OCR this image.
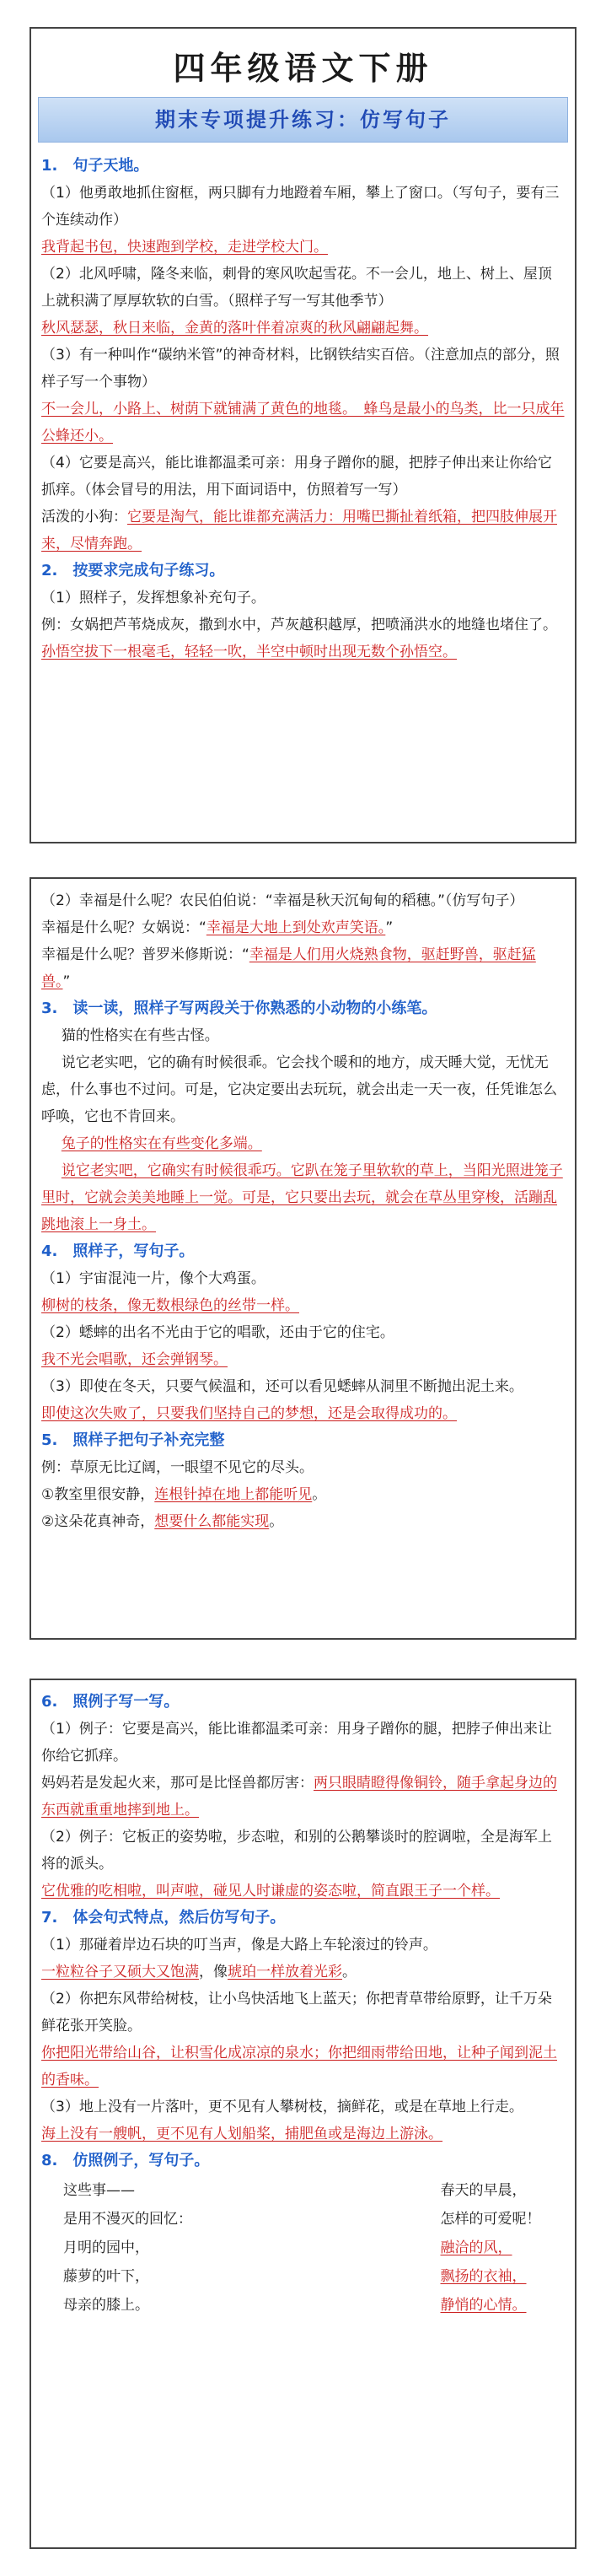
四年级语文下册
期末专项提升练习：仿写句子
1.　句子天地。
（1）他勇敢地抓住窗框，两只脚有力地蹬着车厢，攀上了窗口。（写句子，要有三个连续动作）
我背起书包，快速跑到学校，走进学校大门。
（2）北风呼啸，隆冬来临，刺骨的寒风吹起雪花。不一会儿，地上、树上、屋顶上就积满了厚厚软软的白雪。（照样子写一写其他季节）
秋风瑟瑟，秋日来临，金黄的落叶伴着凉爽的秋风翩翩起舞。
（3）有一种叫作“碳纳米管”的神奇材料，比钢铁结实百倍。（注意加点的部分，照样子写一个事物）
不一会儿，小路上、树荫下就铺满了黄色的地毯。　蜂鸟是最小的鸟类，比一只成年公蜂还小。
（4）它要是高兴，能比谁都温柔可亲：用身子蹭你的腿，把脖子伸出来让你给它抓痒。（体会冒号的用法，用下面词语中，仿照着写一写）
活泼的小狗：它要是淘气，能比谁都充满活力：用嘴巴撕扯着纸箱，把四肢伸展开来，尽情奔跑。
2.　按要求完成句子练习。
（1）照样子，发挥想象补充句子。
例：女娲把芦苇烧成灰，撒到水中，芦灰越积越厚，把喷涌洪水的地缝也堵住了。
孙悟空拔下一根毫毛，轻轻一吹，半空中顿时出现无数个孙悟空。
（2）幸福是什么呢？农民伯伯说：“幸福是秋天沉甸甸的稻穗。”（仿写句子）
幸福是什么呢？女娲说：“幸福是大地上到处欢声笑语。”
幸福是什么呢？普罗米修斯说：“幸福是人们用火烧熟食物，驱赶野兽，驱赶猛兽。”
3.　读一读，照样子写两段关于你熟悉的小动物的小练笔。
猫的性格实在有些古怪。
说它老实吧，它的确有时候很乖。它会找个暖和的地方，成天睡大觉，无忧无虑，什么事也不过问。可是，它决定要出去玩玩，就会出走一天一夜，任凭谁怎么呼唤，它也不肯回来。
兔子的性格实在有些变化多端。
说它老实吧，它确实有时候很乖巧。它趴在笼子里软软的草上，当阳光照进笼子里时，它就会美美地睡上一觉。可是，它只要出去玩，就会在草丛里穿梭，活蹦乱跳地滚上一身土。
4.　照样子，写句子。
（1）宇宙混沌一片，像个大鸡蛋。
柳树的枝条，像无数根绿色的丝带一样。
（2）蟋蟀的出名不光由于它的唱歌，还由于它的住宅。
我不光会唱歌，还会弹钢琴。
（3）即使在冬天，只要气候温和，还可以看见蟋蟀从洞里不断抛出泥土来。
即使这次失败了，只要我们坚持自己的梦想，还是会取得成功的。
5.　照样子把句子补充完整
例：草原无比辽阔，一眼望不见它的尽头。
①教室里很安静，连根针掉在地上都能听见。
②这朵花真神奇，想要什么都能实现。
6.　照例子写一写。
（1）例子：它要是高兴，能比谁都温柔可亲：用身子蹭你的腿，把脖子伸出来让你给它抓痒。
妈妈若是发起火来，那可是比怪兽都厉害：两只眼睛瞪得像铜铃，随手拿起身边的东西就重重地摔到地上。
（2）例子：它板正的姿势啦，步态啦，和别的公鹅攀谈时的腔调啦，全是海军上将的派头。
它优雅的吃相啦，叫声啦，碰见人时谦虚的姿态啦，简直跟王子一个样。
7.　体会句式特点，然后仿写句子。
（1）那碰着岸边石块的叮当声，像是大路上车轮滚过的铃声。
一粒粒谷子又硕大又饱满，像琥珀一样放着光彩。
（2）你把东风带给树枝，让小鸟快活地飞上蓝天；你把青草带给原野，让千万朵鲜花张开笑脸。
你把阳光带给山谷，让积雪化成凉凉的泉水；你把细雨带给田地，让种子闻到泥土的香味。
（3）地上没有一片落叶，更不见有人攀树枝，摘鲜花，或是在草地上行走。
海上没有一艘帆，更不见有人划船桨，捕肥鱼或是海边上游泳。
8.　仿照例子，写句子。
这些事——
是用不漫灭的回忆：
月明的园中，
藤萝的叶下，
母亲的膝上。
春天的早晨，
怎样的可爱呢！
融洽的风，
飘扬的衣袖，
静悄的心情。
